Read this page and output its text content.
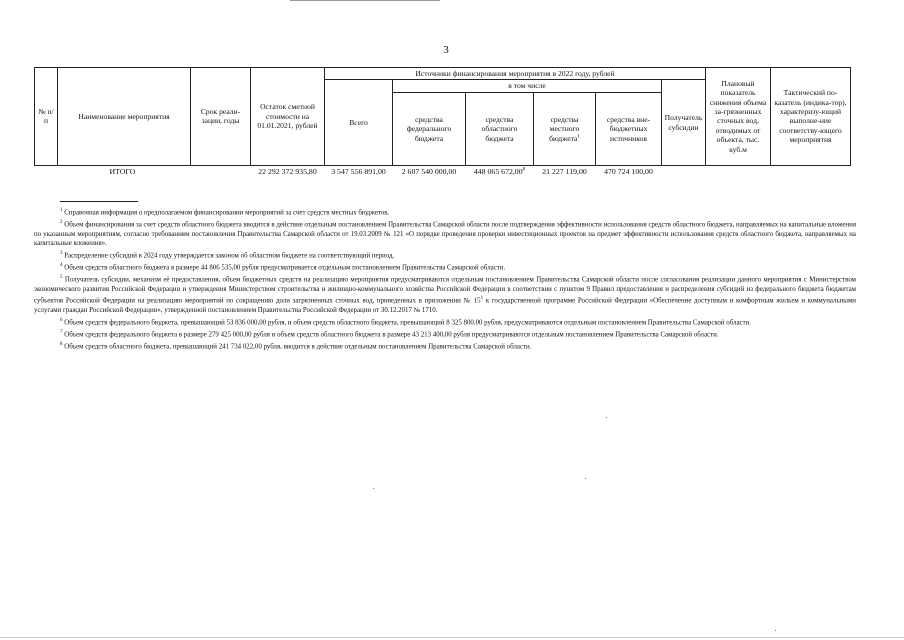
3
№ п/п	Наименование мероприятия	Срок реали-зации, годы	Остаток сметной стоимости на 01.01.2021, рублей	Источники финансирования мероприятия в 2022 году, рублей						Плановый показатель снижения объема за-грязненных сточных вод, отводимых от объекта, тыс. куб.м	Тактический по-казатель (индика-тор), характеризу-ющий выполне-ние соответству-ющего мероприятия
				Всего	в том числе				Получатель субсидии		
					средства федерального бюджета	средства областного бюджета	средства местного бюджета$^1$	средства вне-бюджетных источников			
	ИТОГО		22 292 372 935,80	3 547 556 891,00	2 607 540 000,00	448 065 672,00$^8$	21 227 119,00	470 724 100,00			

$^1$ Справочная информация о предполагаемом финансировании мероприятий за счет средств местных бюджетов.

$^2$ Объем финансирования за счет средств областного бюджета вводится в действие отдельным постановлением Правительства Самарской области после подтверждения эффективности использования средств областного бюджета, направляемых на капитальные вложения по указанным мероприятиям, согласно требованиям постановления Правительства Самарской области от 19.03.2009 № 121 «О порядке проведения проверки инвестиционных проектов на предмет эффективности использования средств областного бюджета, направляемых на капитальные вложения».

$^3$ Распределение субсидий в 2024 году утверждается законом об областном бюджете на соответствующий период.

$^4$ Объем средств областного бюджета в размере 44 806 535,00 рубля предусматривается отдельным постановлением Правительства Самарской области.

$^5$ Получатель субсидии, механизм её предоставления, объем бюджетных средств на реализацию мероприятия предусматриваются отдельным постановлением Правительства Самарской области после согласования реализации данного мероприятия с Министерством экономического развития Российской Федерации и утверждения Министерством строительства и жилищно-коммунального хозяйства Российской Федерации в соответствии с пунктом 9 Правил предоставления и распределения субсидий из федерального бюджета бюджетам субъектов Российской Федерации на реализацию мероприятий по сокращению доли загрязненных сточных вод, приведенных в приложении № $15^1$ к государственной программе Российской Федерации «Обеспечение доступным и комфортным жильем и коммунальными услугами граждан Российской Федерации», утвержденной постановлением Правительства Российской Федерации от 30.12.2017 № 1710.

$^6$ Объем средств федерального бюджета, превышающий 53 836 000,00 рубля, и объем средств областного бюджета, превышающий 8 325 800,00 рубля, предусматриваются отдельным постановлением Правительства Самарской области.

$^7$ Объем средств федерального бюджета в размере 279 425 000,00 рубля и объем средств областного бюджета в размере 43 213 400,00 рубля предусматриваются отдельным постановлением Правительства Самарской области.

$^8$ Объем средств областного бюджета, превышающий 241 734 022,00 рубля, вводится в действие отдельным постановлением Правительства Самарской области.
